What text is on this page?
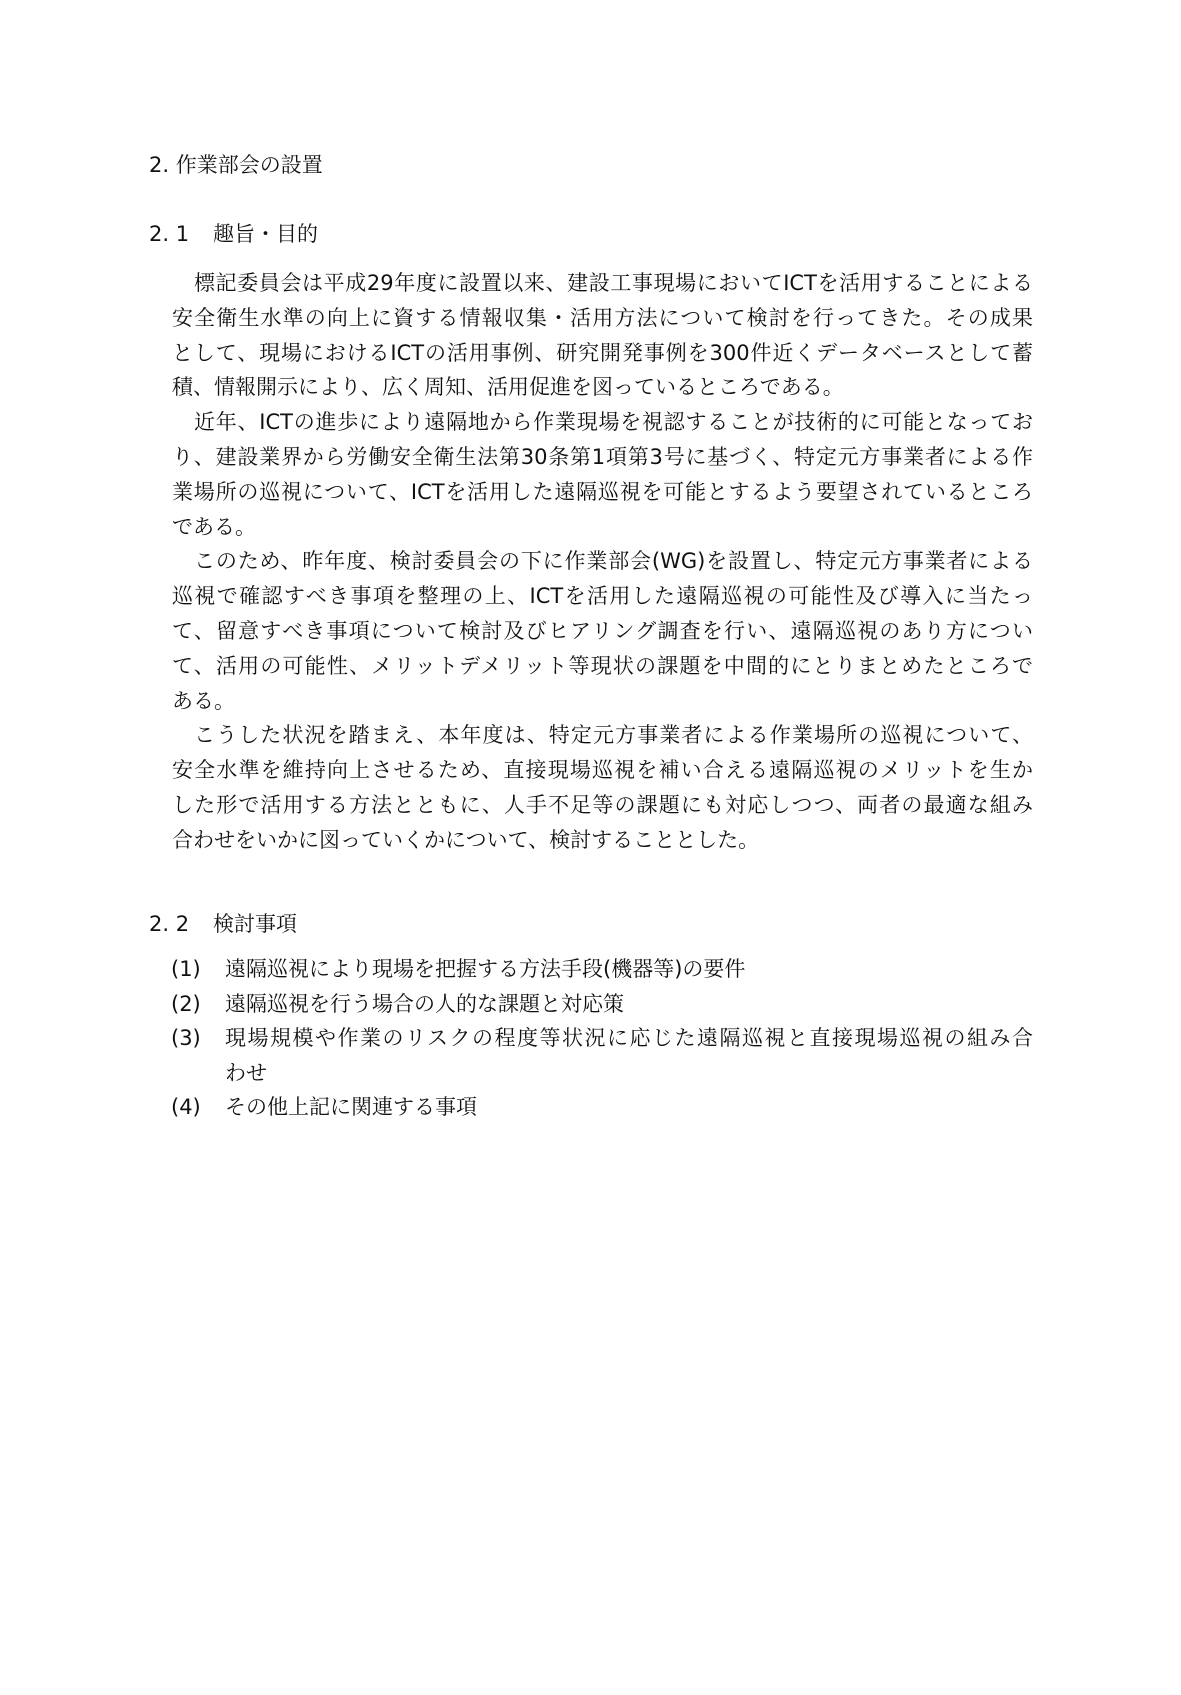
2. 作業部会の設置
2. 1 趣旨・目的
標記委員会は平成29年度に設置以来、建設工事現場においてICTを活用することによる
安全衛生水準の向上に資する情報収集・活用方法について検討を行ってきた。その成果
として、現場におけるICTの活用事例、研究開発事例を300件近くデータベースとして蓄
積、情報開示により、広く周知、活用促進を図っているところである。
近年、ICTの進歩により遠隔地から作業現場を視認することが技術的に可能となってお
り、建設業界から労働安全衛生法第30条第1項第3号に基づく、特定元方事業者による作
業場所の巡視について、ICTを活用した遠隔巡視を可能とするよう要望されているところ
である。
このため、昨年度、検討委員会の下に作業部会(WG)を設置し、特定元方事業者による
巡視で確認すべき事項を整理の上、ICTを活用した遠隔巡視の可能性及び導入に当たっ
て、留意すべき事項について検討及びヒアリング調査を行い、遠隔巡視のあり方につい
て、活用の可能性、メリットデメリット等現状の課題を中間的にとりまとめたところで
ある。
こうした状況を踏まえ、本年度は、特定元方事業者による作業場所の巡視について、
安全水準を維持向上させるため、直接現場巡視を補い合える遠隔巡視のメリットを生か
した形で活用する方法とともに、人手不足等の課題にも対応しつつ、両者の最適な組み
合わせをいかに図っていくかについて、検討することとした。
2. 2 検討事項
(1) 遠隔巡視により現場を把握する方法手段(機器等)の要件
(2) 遠隔巡視を行う場合の人的な課題と対応策
(3) 現場規模や作業のリスクの程度等状況に応じた遠隔巡視と直接現場巡視の組み合
わせ
(4) その他上記に関連する事項
